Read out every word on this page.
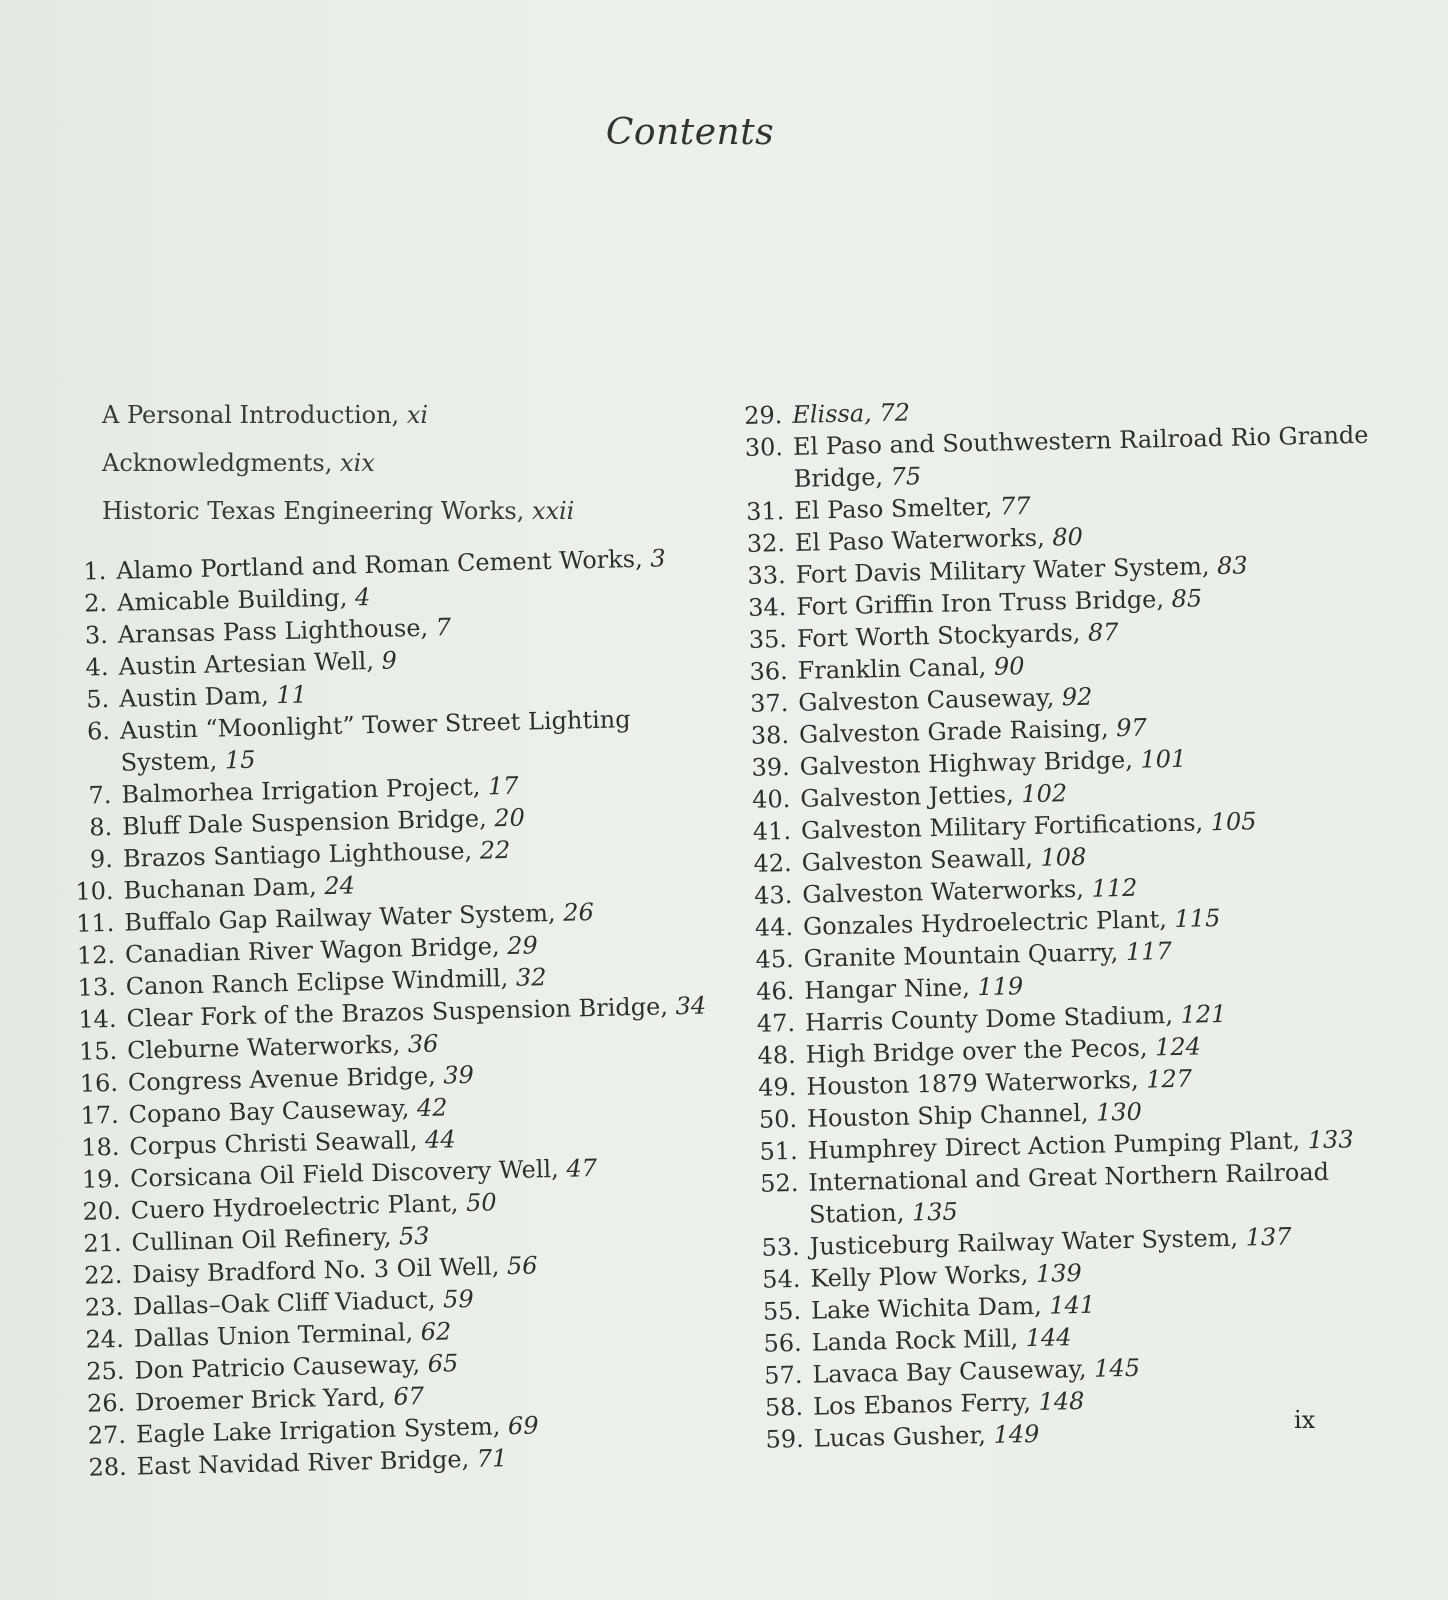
Contents
A Personal Introduction, xi
Acknowledgments, xix
Historic Texas Engineering Works, xxii
1. Alamo Portland and Roman Cement Works, 3
2. Amicable Building, 4
3. Aransas Pass Lighthouse, 7
4. Austin Artesian Well, 9
5. Austin Dam, 11
6. Austin “Moonlight” Tower Street Lighting System, 15
7. Balmorhea Irrigation Project, 17
8. Bluff Dale Suspension Bridge, 20
9. Brazos Santiago Lighthouse, 22
10. Buchanan Dam, 24
11. Buffalo Gap Railway Water System, 26
12. Canadian River Wagon Bridge, 29
13. Canon Ranch Eclipse Windmill, 32
14. Clear Fork of the Brazos Suspension Bridge, 34
15. Cleburne Waterworks, 36
16. Congress Avenue Bridge, 39
17. Copano Bay Causeway, 42
18. Corpus Christi Seawall, 44
19. Corsicana Oil Field Discovery Well, 47
20. Cuero Hydroelectric Plant, 50
21. Cullinan Oil Refinery, 53
22. Daisy Bradford No. 3 Oil Well, 56
23. Dallas–Oak Cliff Viaduct, 59
24. Dallas Union Terminal, 62
25. Don Patricio Causeway, 65
26. Droemer Brick Yard, 67
27. Eagle Lake Irrigation System, 69
28. East Navidad River Bridge, 71
29. Elissa, 72
30. El Paso and Southwestern Railroad Rio Grande Bridge, 75
31. El Paso Smelter, 77
32. El Paso Waterworks, 80
33. Fort Davis Military Water System, 83
34. Fort Griffin Iron Truss Bridge, 85
35. Fort Worth Stockyards, 87
36. Franklin Canal, 90
37. Galveston Causeway, 92
38. Galveston Grade Raising, 97
39. Galveston Highway Bridge, 101
40. Galveston Jetties, 102
41. Galveston Military Fortifications, 105
42. Galveston Seawall, 108
43. Galveston Waterworks, 112
44. Gonzales Hydroelectric Plant, 115
45. Granite Mountain Quarry, 117
46. Hangar Nine, 119
47. Harris County Dome Stadium, 121
48. High Bridge over the Pecos, 124
49. Houston 1879 Waterworks, 127
50. Houston Ship Channel, 130
51. Humphrey Direct Action Pumping Plant, 133
52. International and Great Northern Railroad Station, 135
53. Justiceburg Railway Water System, 137
54. Kelly Plow Works, 139
55. Lake Wichita Dam, 141
56. Landa Rock Mill, 144
57. Lavaca Bay Causeway, 145
58. Los Ebanos Ferry, 148
59. Lucas Gusher, 149	ix
